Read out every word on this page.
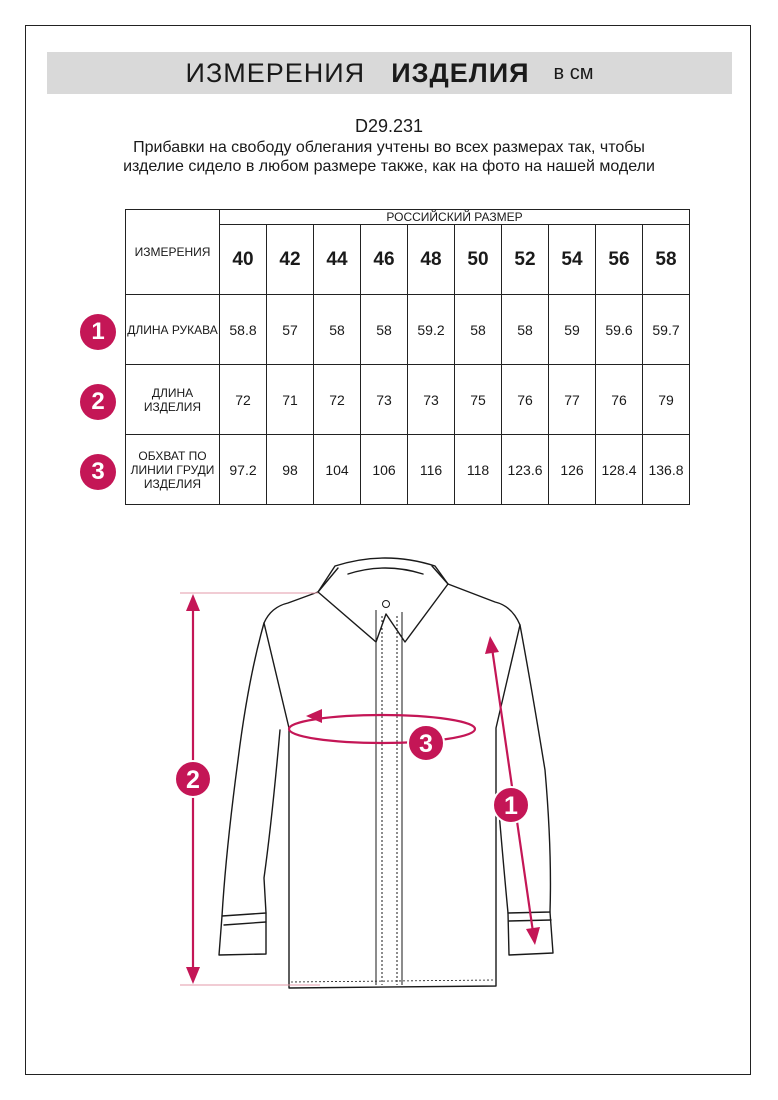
ИЗМЕРЕНИЯ ИЗДЕЛИЯ в см
D29.231
Прибавки на свободу облегания учтены во всех размерах так, чтобы изделие сидело в любом размере также, как на фото на нашей модели
ИЗМЕРЕНИЯ	РОССИЙСКИЙ РАЗМЕР									
	40	42	44	46	48	50	52	54	56	58
ДЛИНА РУКАВА	58.8	57	58	58	59.2	58	58	59	59.6	59.7
ДЛИНА ИЗДЕЛИЯ	72	71	72	73	73	75	76	77	76	79
ОБХВАТ ПО ЛИНИИ ГРУДИ ИЗДЕЛИЯ	97.2	98	104	106	116	118	123.6	126	128.4	136.8
1
2
3
1
2
3
